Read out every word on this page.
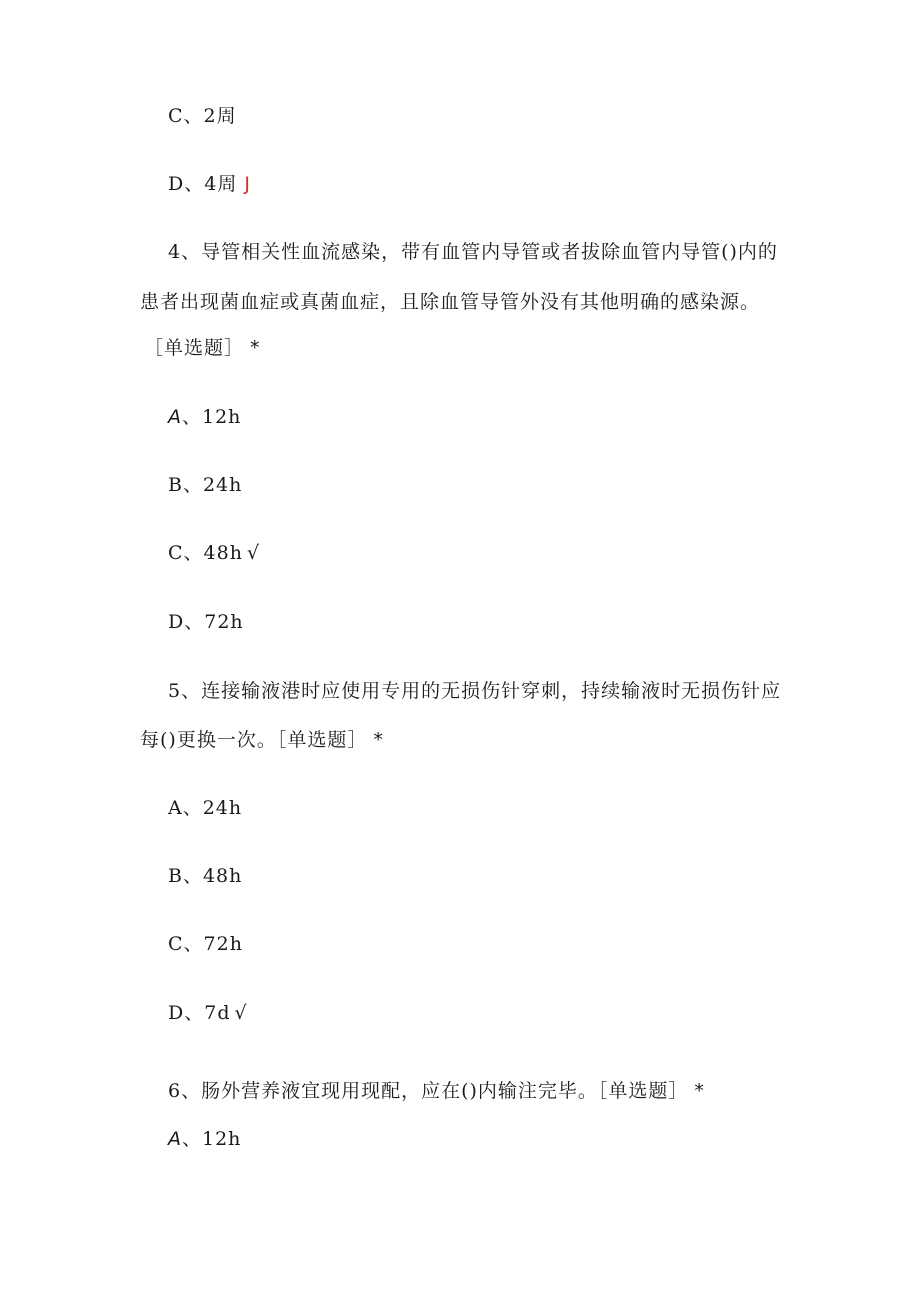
C、2周
D、4周 J
4、导管相关性血流感染，带有血管内导管或者拔除血管内导管()内的
患者出现菌血症或真菌血症，且除血管导管外没有其他明确的感染源。
［单选题］ *
A、12h
B、24h
C、48h √
D、72h
5、连接输液港时应使用专用的无损伤针穿刺，持续输液时无损伤针应
每()更换一次。［单选题］ *
A、24h
B、48h
C、72h
D、7d √
6、肠外营养液宜现用现配，应在()内输注完毕。［单选题］ *
A、12h
